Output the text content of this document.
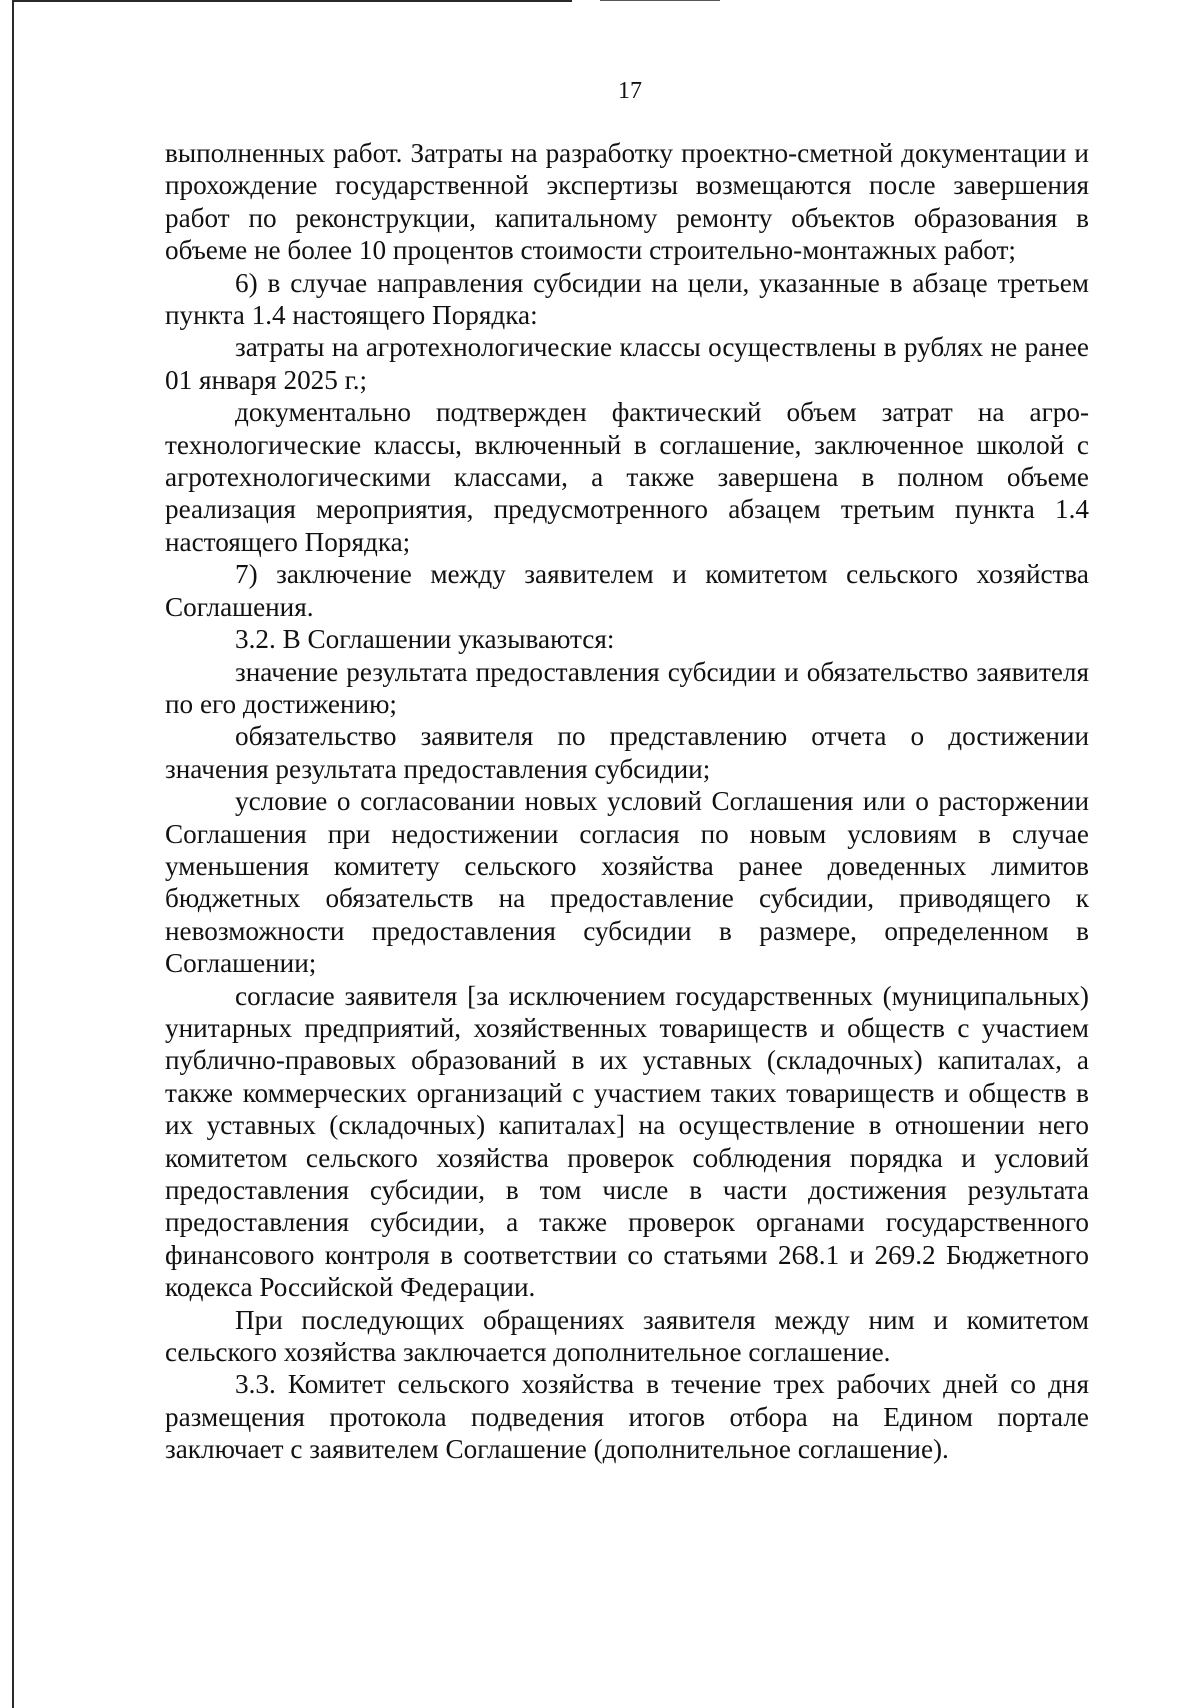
17

выполненных работ. Затраты на разработку проектно-сметной документации и прохождение государственной экспертизы возмещаются после завершения работ по реконструкции, капитальному ремонту объектов образования в объеме не более 10 процентов стоимости строительно-монтажных работ;

6) в случае направления субсидии на цели, указанные в абзаце третьем пункта 1.4 настоящего Порядка:

затраты на агротехнологические классы осуществлены в рублях не ранее 01 января 2025 г.;

документально подтвержден фактический объем затрат на агро-технологические классы, включенный в соглашение, заключенное школой с агротехнологическими классами, а также завершена в полном объеме реализация мероприятия, предусмотренного абзацем третьим пункта 1.4 настоящего Порядка;

7) заключение между заявителем и комитетом сельского хозяйства Соглашения.

3.2. В Соглашении указываются:

значение результата предоставления субсидии и обязательство заявителя по его достижению;

обязательство заявителя по представлению отчета о достижении значения результата предоставления субсидии;

условие о согласовании новых условий Соглашения или о расторжении Соглашения при недостижении согласия по новым условиям в случае уменьшения комитету сельского хозяйства ранее доведенных лимитов бюджетных обязательств на предоставление субсидии, приводящего к невозможности предоставления субсидии в размере, определенном в Соглашении;

согласие заявителя [за исключением государственных (муниципальных) унитарных предприятий, хозяйственных товариществ и обществ с участием публично-правовых образований в их уставных (складочных) капиталах, а также коммерческих организаций с участием таких товариществ и обществ в их уставных (складочных) капиталах] на осуществление в отношении него комитетом сельского хозяйства проверок соблюдения порядка и условий предоставления субсидии, в том числе в части достижения результата предоставления субсидии, а также проверок органами государственного финансового контроля в соответствии со статьями 268.1 и 269.2 Бюджетного кодекса Российской Федерации.

При последующих обращениях заявителя между ним и комитетом сельского хозяйства заключается дополнительное соглашение.

3.3. Комитет сельского хозяйства в течение трех рабочих дней со дня размещения протокола подведения итогов отбора на Едином портале заключает с заявителем Соглашение (дополнительное соглашение).
